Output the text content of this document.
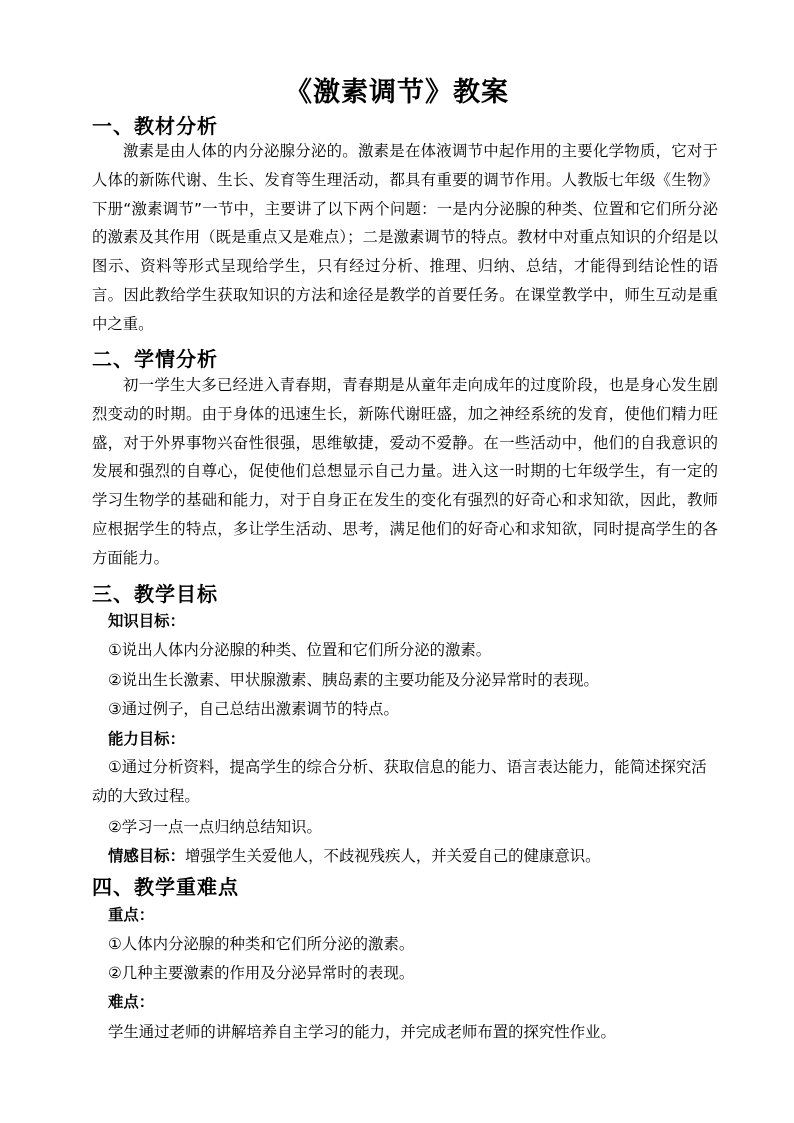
《激素调节》教案
一、教材分析

激素是由人体的内分泌腺分泌的。激素是在体液调节中起作用的主要化学物质，它对于人体的新陈代谢、生长、发育等生理活动，都具有重要的调节作用。人教版七年级《生物》下册“激素调节”一节中，主要讲了以下两个问题：一是内分泌腺的种类、位置和它们所分泌的激素及其作用（既是重点又是难点）；二是激素调节的特点。教材中对重点知识的介绍是以图示、资料等形式呈现给学生，只有经过分析、推理、归纳、总结，才能得到结论性的语言。因此教给学生获取知识的方法和途径是教学的首要任务。在课堂教学中，师生互动是重中之重。

二、学情分析

初一学生大多已经进入青春期，青春期是从童年走向成年的过度阶段，也是身心发生剧烈变动的时期。由于身体的迅速生长，新陈代谢旺盛，加之神经系统的发育，使他们精力旺盛，对于外界事物兴奋性很强，思维敏捷，爱动不爱静。在一些活动中，他们的自我意识的发展和强烈的自尊心，促使他们总想显示自己力量。进入这一时期的七年级学生，有一定的学习生物学的基础和能力，对于自身正在发生的变化有强烈的好奇心和求知欲，因此，教师应根据学生的特点，多让学生活动、思考，满足他们的好奇心和求知欲，同时提高学生的各方面能力。

三、教学目标
知识目标：
①说出人体内分泌腺的种类、位置和它们所分泌的激素。
②说出生长激素、甲状腺激素、胰岛素的主要功能及分泌异常时的表现。
③通过例子，自己总结出激素调节的特点。
能力目标：
①通过分析资料，提高学生的综合分析、获取信息的能力、语言表达能力，能简述探究活动的大致过程。
②学习一点一点归纳总结知识。
情感目标：增强学生关爱他人，不歧视残疾人，并关爱自己的健康意识。
四、教学重难点
重点：
①人体内分泌腺的种类和它们所分泌的激素。
②几种主要激素的作用及分泌异常时的表现。
难点：
学生通过老师的讲解培养自主学习的能力，并完成老师布置的探究性作业。
